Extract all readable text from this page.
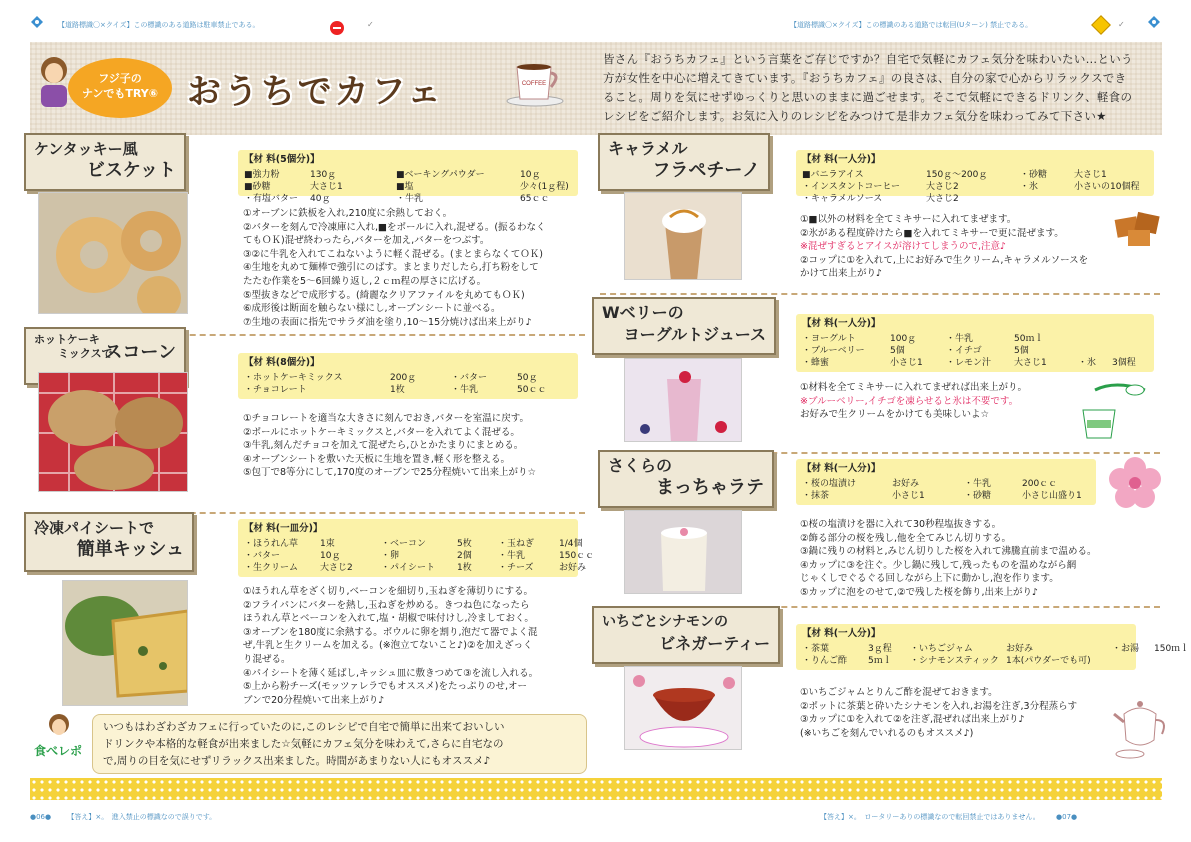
【道路標識〇×クイズ】この標識のある道路は駐車禁止である。	✓	【道路標識〇×クイズ】この標識のある道路では転回(Uターン) 禁止である。	✓
フジ子の
ナンでもTRY⑥ おうちでカフェ	COFFEE
皆さん『おうちカフェ』という言葉をご存じですか？自宅で気軽にカフェ気分を味わいたい…という
方が女性を中心に増えてきています。『おうちカフェ』の良さは、自分の家で心からリラックスでき
ること。周りを気にせずゆっくりと思いのままに過ごせます。そこで気軽にできるドリンク、軽食の
レシピをご紹介します。お気に入りのレシピをみつけて是非カフェ気分を味わってみて下さい★
ケンタッキー風
ビスケット
【材 料(5個分)】
■強力粉	130ｇ	■ベーキングパウダー	10ｇ
■砂糖	大さじ1	■塩	少々(1ｇ程)
・有塩バター	40ｇ	・牛乳	65ｃｃ
①オーブンに鉄板を入れ,210度に余熱しておく。
②バターを刻んで冷凍庫に入れ,■をボールに入れ,混ぜる。(振るわなく
てもＯＫ)混ぜ終わったら,バターを加え,バターをつぶす。
③②に牛乳を入れてこねないように軽く混ぜる。(まとまらなくてＯＫ)
④生地を丸めて麺棒で強引にのばす。まとまりだしたら,打ち粉をして
たたむ作業を5～6回繰り返し,２ｃｍ程の厚さに広げる。
⑤型抜きなどで成形する。(綺麗なクリアファイルを丸めてもＯＫ)
⑥成形後は断面を触らない様にし,オーブンシートに並べる。
⑦生地の表面に指先でサラダ油を塗り,10～15分焼けば出来上がり♪
ホットケーキ
ミックスで
スコーン	【材 料(8個分)】
・ホットケーキミックス	200ｇ	・バター	50ｇ
・チョコレート	1枚	・牛乳	50ｃｃ
①チョコレートを適当な大きさに刻んでおき,バターを室温に戻す。
②ボールにホットケーキミックスと,バターを入れてよく混ぜる。
③牛乳,刻んだチョコを加えて混ぜたら,ひとかたまりにまとめる。
④オーブンシートを敷いた天板に生地を置き,軽く形を整える。
⑤包丁で8等分にして,170度のオーブンで25分程焼いて出来上がり☆
冷凍パイシートで
簡単キッシュ
【材 料(一皿分)】
・ほうれん草	1束	・ベーコン	5枚	・玉ねぎ	1/4個
・バター	10ｇ	・卵	2個	・牛乳	150ｃｃ
・生クリーム	大さじ2	・パイシート	1枚	・チーズ	お好み
①ほうれん草をざく切り,ベーコンを細切り,玉ねぎを薄切りにする。
②フライパンにバターを熱し,玉ねぎを炒める。きつね色になったら
ほうれん草とベーコンを入れて,塩・胡椒で味付けし,冷ましておく。
③オーブンを180度に余熱する。ボウルに卵を割り,泡だて器でよく混
ぜ,牛乳と生クリームを加える。(※泡立てないこと♪)②を加えざっく
り混ぜる。
④パイシートを薄く延ばし,キッシュ皿に敷きつめて③を流し入れる。
⑤上から粉チーズ(モッツァレラでもオススメ)をたっぷりのせ,オー
ブンで20分程焼いて出来上がり♪
キャラメル
フラペチーノ
【材 料(一人分)】
■バニラアイス	150ｇ～200ｇ	・砂糖	大さじ1
・インスタントコーヒー	大さじ2	・氷	小さいの10個程
・キャラメルソース	大さじ2
①■以外の材料を全てミキサーに入れてまぜます。
②氷がある程度砕けたら■を入れてミキサーで更に混ぜます。
※混ぜすぎるとアイスが溶けてしまうので,注意♪
②コップに①を入れて,上にお好みで生クリーム,キャラメルソースを
かけて出来上がり♪
Wベリーの
ヨーグルトジュース
【材 料(一人分)】
・ヨーグルト	100ｇ	・牛乳	50ｍｌ
・ブルーベリー	5個	・イチゴ	5個
・蜂蜜	小さじ1	・レモン汁	大さじ1	・氷	3個程
①材料を全てミキサーに入れてまぜれば出来上がり。
※ブルーベリー,イチゴを凍らせると氷は不要です。
お好みで生クリームをかけても美味しいよ☆
さくらの
まっちゃラテ
【材 料(一人分)】
・桜の塩漬け	お好み	・牛乳	200ｃｃ
・抹茶	小さじ1	・砂糖	小さじ山盛り1
①桜の塩漬けを器に入れて30秒程塩抜きする。
②飾る部分の桜を残し,他を全てみじん切りする。
③鍋に残りの材料と,みじん切りした桜を入れて沸騰直前まで温める。
④カップに③を注ぐ。少し鍋に残して,残ったものを温めながら網
じゃくしでぐるぐる回しながら上下に動かし,泡を作ります。
⑤カップに泡をのせて,②で残した桜を飾り,出来上がり♪
いちごとシナモンの
ビネガーティー
【材 料(一人分)】
・茶葉	3ｇ程	・いちごジャム	お好み	・お湯	150ｍｌ
・りんご酢	5ｍｌ	・シナモンスティック 1本(パウダーでも可)
①いちごジャムとりんご酢を混ぜておきます。
②ポットに茶葉と砕いたシナモンを入れ,お湯を注ぎ,3分程蒸らす
③カップに①を入れて②を注ぎ,混ぜれば出来上がり♪
(※いちごを刻んでいれるのもオススメ♪)
食べレポ
いつもはわざわざカフェに行っていたのに,このレシピで自宅で簡単に出来ておいしい
ドリンクや本格的な軽食が出来ました☆気軽にカフェ気分を味わえて,さらに自宅なの
で,周りの目を気にせずリラックス出来ました。時間があまりない人にもオススメ♪
●06● 【答え】×。　進入禁止の標識なので誤りです。	【答え】×。　ロータリーありの標識なので転回禁止ではありません。 ●07●
